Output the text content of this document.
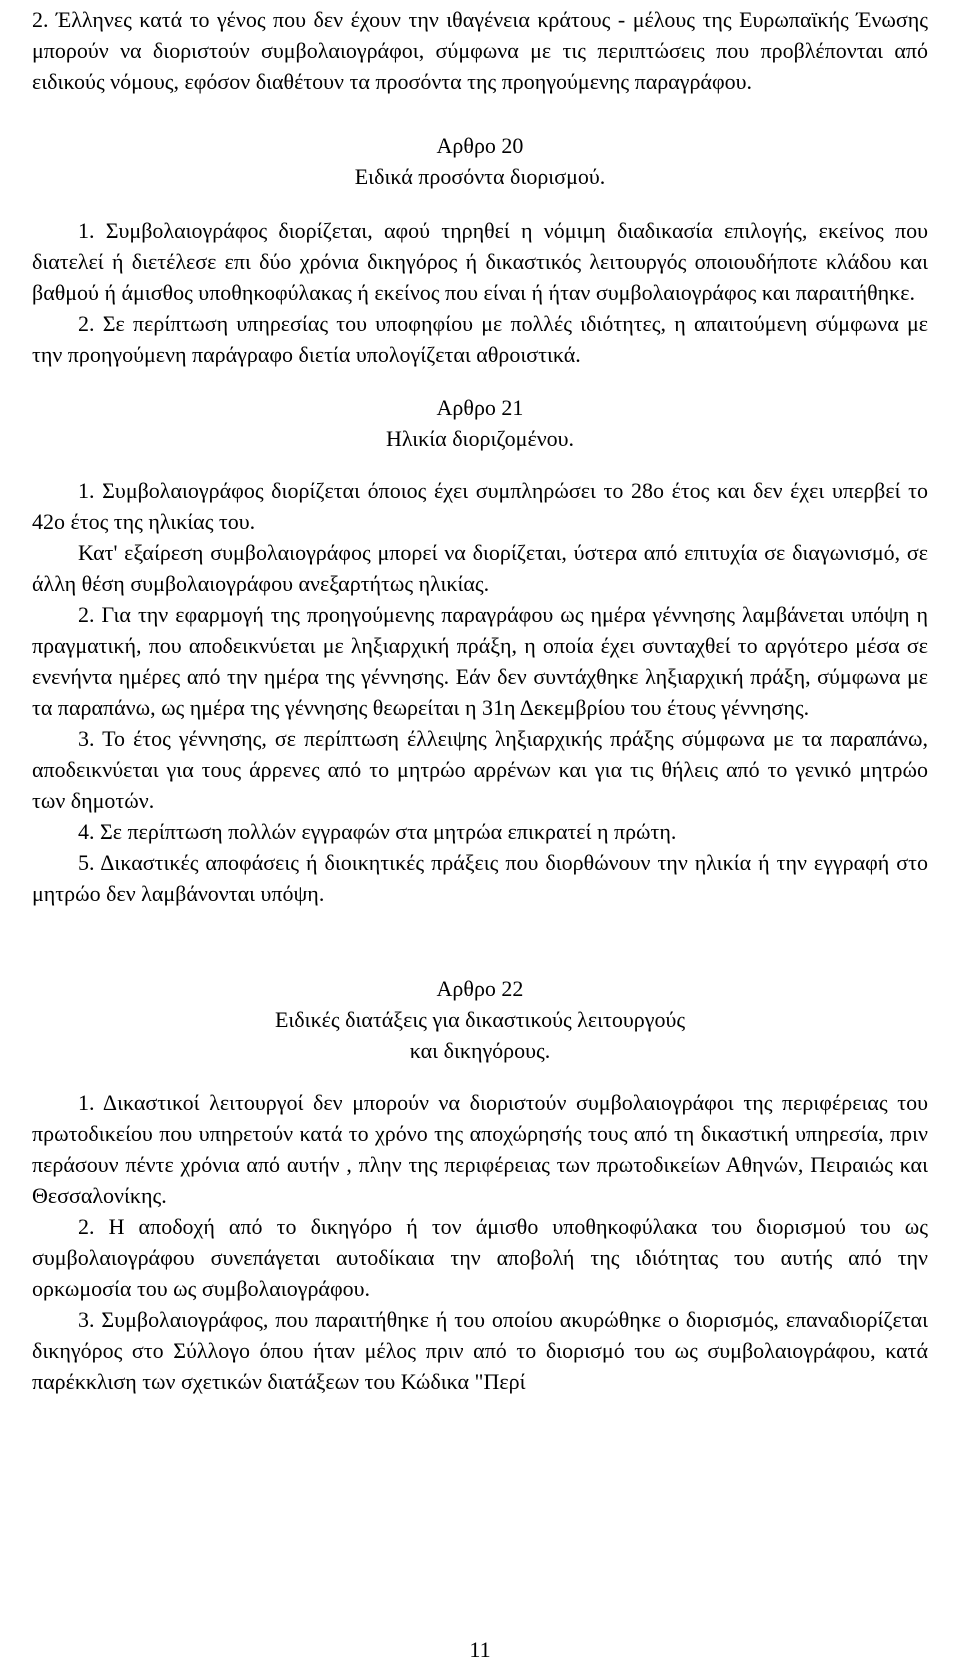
2. Έλληνες κατά το γένος που δεν έχουν την ιθαγένεια κράτους - μέλους της Ευρωπαϊκής Ένωσης μπορούν να διοριστούν συμβολαιογράφοι, σύμφωνα με τις περιπτώσεις που προβλέπονται από ειδικούς νόμους, εφόσον διαθέτουν τα προσόντα της προηγούμενης παραγράφου.

Αρθρο 20

Ειδικά προσόντα διορισμού.

1. Συμβολαιογράφος διορίζεται, αφού τηρηθεί η νόμιμη διαδικασία επιλογής, εκείνος που διατελεί ή διετέλεσε επι δύο χρόνια δικηγόρος ή δικαστικός λειτουργός οποιουδήποτε κλάδου και βαθμού ή άμισθος υποθηκοφύλακας ή εκείνος που είναι ή ήταν συμβολαιογράφος και παραιτήθηκε.

2. Σε περίπτωση υπηρεσίας του υποφηφίου με πολλές ιδιότητες, η απαιτούμενη σύμφωνα με την προηγούμενη παράγραφο διετία υπολογίζεται αθροιστικά.

Αρθρο 21

Ηλικία διοριζομένου.

1. Συμβολαιογράφος διορίζεται όποιος έχει συμπληρώσει το 28ο έτος και δεν έχει υπερβεί το 42ο έτος της ηλικίας του.

Κατ' εξαίρεση συμβολαιογράφος μπορεί να διορίζεται, ύστερα από επιτυχία σε διαγωνισμό, σε άλλη θέση συμβολαιογράφου ανεξαρτήτως ηλικίας.

2. Για την εφαρμογή της προηγούμενης παραγράφου ως ημέρα γέννησης λαμβάνεται υπόψη η πραγματική, που αποδεικνύεται με ληξιαρχική πράξη, η οποία έχει συνταχθεί το αργότερο μέσα σε ενενήντα ημέρες από την ημέρα της γέννησης. Εάν δεν συντάχθηκε ληξιαρχική πράξη, σύμφωνα με τα παραπάνω, ως ημέρα της γέννησης θεωρείται η 31η Δεκεμβρίου του έτους γέννησης.

3. Το έτος γέννησης, σε περίπτωση έλλειψης ληξιαρχικής πράξης σύμφωνα με τα παραπάνω, αποδεικνύεται για τους άρρενες από το μητρώο αρρένων και για τις θήλεις από το γενικό μητρώο των δημοτών.

4. Σε περίπτωση πολλών εγγραφών στα μητρώα επικρατεί η πρώτη.

5. Δικαστικές αποφάσεις ή διοικητικές πράξεις που διορθώνουν την ηλικία ή την εγγραφή στο μητρώο δεν λαμβάνονται υπόψη.

Αρθρο 22

Ειδικές διατάξεις για δικαστικούς λειτουργούς

και δικηγόρους.

1. Δικαστικοί λειτουργοί δεν μπορούν να διοριστούν συμβολαιογράφοι της περιφέρειας του πρωτοδικείου που υπηρετούν κατά το χρόνο της αποχώρησής τους από τη δικαστική υπηρεσία, πριν περάσουν πέντε χρόνια από αυτήν , πλην της περιφέρειας των πρωτοδικείων Αθηνών, Πειραιώς και Θεσσαλονίκης.

2. Η αποδοχή από το δικηγόρο ή τον άμισθο υποθηκοφύλακα του διορισμού του ως συμβολαιογράφου συνεπάγεται αυτοδίκαια την αποβολή της ιδιότητας του αυτής από την ορκωμοσία του ως συμβολαιογράφου.

3. Συμβολαιογράφος, που παραιτήθηκε ή του οποίου ακυρώθηκε ο διορισμός, επαναδιορίζεται δικηγόρος στο Σύλλογο όπου ήταν μέλος πριν από το διορισμό του ως συμβολαιογράφου, κατά παρέκκλιση των σχετικών διατάξεων του Κώδικα "Περί

11
